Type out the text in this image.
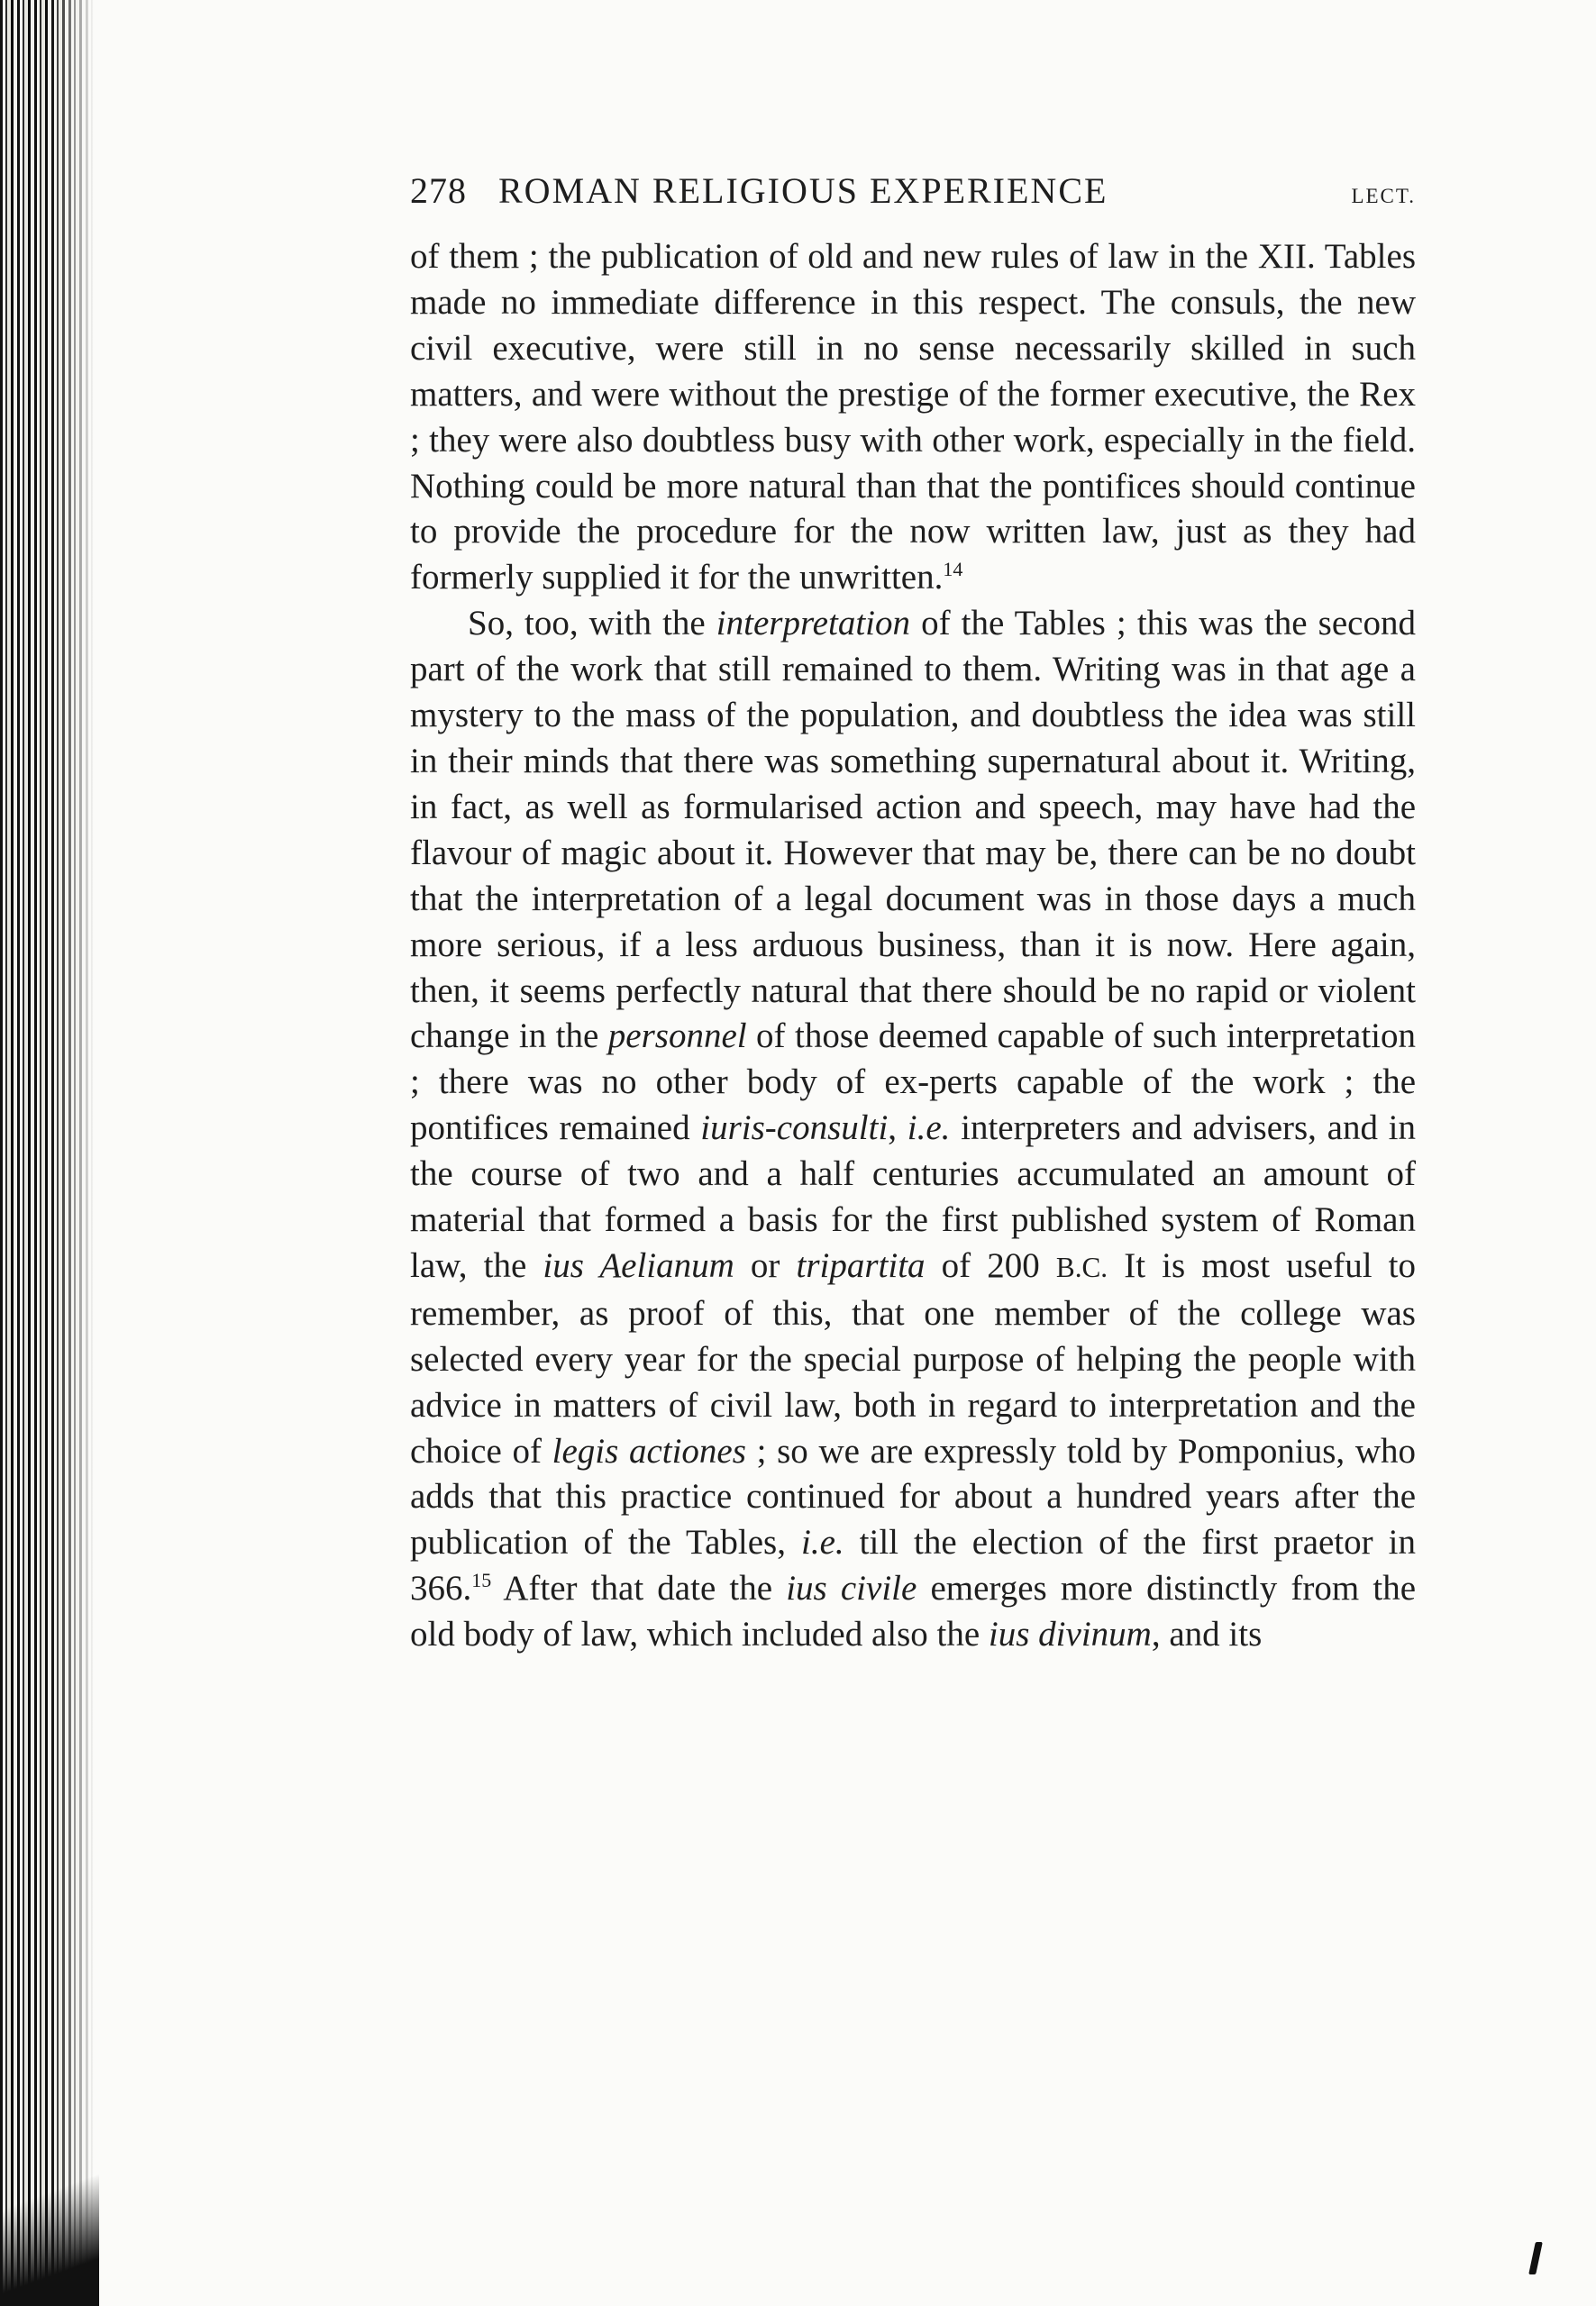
278 ROMAN RELIGIOUS EXPERIENCE	LECT.

of them ; the publication of old and new rules of law in the XII. Tables made no immediate difference in this respect. The consuls, the new civil executive, were still in no sense necessarily skilled in such matters, and were without the prestige of the former executive, the Rex ; they were also doubtless busy with other work, especially in the field. Nothing could be more natural than that the pontifices should continue to provide the procedure for the now written law, just as they had formerly supplied it for the unwritten.$^{14}$

So, too, with the interpretation of the Tables ; this was the second part of the work that still remained to them. Writing was in that age a mystery to the mass of the population, and doubtless the idea was still in their minds that there was something supernatural about it. Writing, in fact, as well as formularised action and speech, may have had the flavour of magic about it. However that may be, there can be no doubt that the interpretation of a legal document was in those days a much more serious, if a less arduous business, than it is now. Here again, then, it seems perfectly natural that there should be no rapid or violent change in the personnel of those deemed capable of such interpretation ; there was no other body of ex-perts capable of the work ; the pontifices remained iuris-consulti, i.e. interpreters and advisers, and in the course of two and a half centuries accumulated an amount of material that formed a basis for the first published system of Roman law, the ius Aelianum or tripartita of 200 B.C. It is most useful to remember, as proof of this, that one member of the college was selected every year for the special purpose of helping the people with advice in matters of civil law, both in regard to interpretation and the choice of legis actiones ; so we are expressly told by Pomponius, who adds that this practice continued for about a hundred years after the publication of the Tables, i.e. till the election of the first praetor in 366.15 After that date the ius civile emerges more distinctly from the old body of law, which included also the ius divinum, and its
